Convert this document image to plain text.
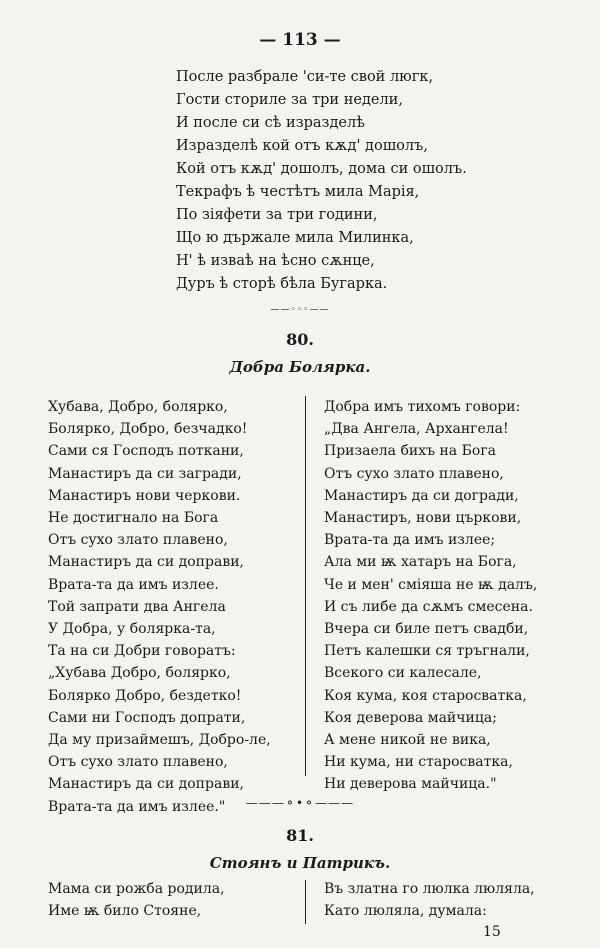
— 113 —
После разбрале 'си-те свой люгк,
Гости сториле за три недели,
И после си сѣ изразделѣ
Изразделѣ кой отъ кѫд' дошолъ,
Кой отъ кѫд' дошолъ, дома си ошолъ.
Текрафъ ѣ честѣтъ мила Марія,
По зіяфети за три години,
Що ю държале мила Милинка,
Н' ѣ изваѣ на ѣсно сѫнце,
Дуръ ѣ сторѣ бѣла Бугарка.
——◦◦◦——
80.
Добра Болярка.
Хубава, Добро, болярко,
Болярко, Добро, безчадко!
Сами ся Господъ поткани,
Манастиръ да си загради,
Манастиръ нови черкови.
Не достигнало на Бога
Отъ сухо злато плавено,
Манастиръ да си доправи,
Врата-та да имъ излее.
Той запрати два Ангела
У Добра, у болярка-та,
Та на си Добри говоратъ:
„Хубава Добро, болярко,
Болярко Добро, бездетко!
Сами ни Господъ допрати,
Да му призаймешъ, Добро-ле,
Отъ сухо злато плавено,
Манастиръ да си доправи,
Врата-та да имъ излее."
Добра имъ тихомъ говори:
„Два Ангела, Архангела!
Призаела бихъ на Бога
Отъ сухо злато плавено,
Манастиръ да си догради,
Манастиръ, нови църкови,
Врата-та да имъ излее;
Ала ми ѭ хатаръ на Бога,
Че и мен' сміяша не ѭ далъ,
И съ либе да сѫмъ смесена.
Вчера си биле петъ свадби,
Петъ калешки ся тръгнали,
Всекого си калесале,
Коя кума, коя старосватка,
Коя деверова майчица;
А мене никой не вика,
Ни кума, ни старосватка,
Ни деверова майчица."
———⚬•⚬———
81.
Стоянъ и Патрикъ.
Мама си рожба родила,
Име ѭ било Стояне,
Въ златна го люлка люляла,
Като люляла, думала:
15
